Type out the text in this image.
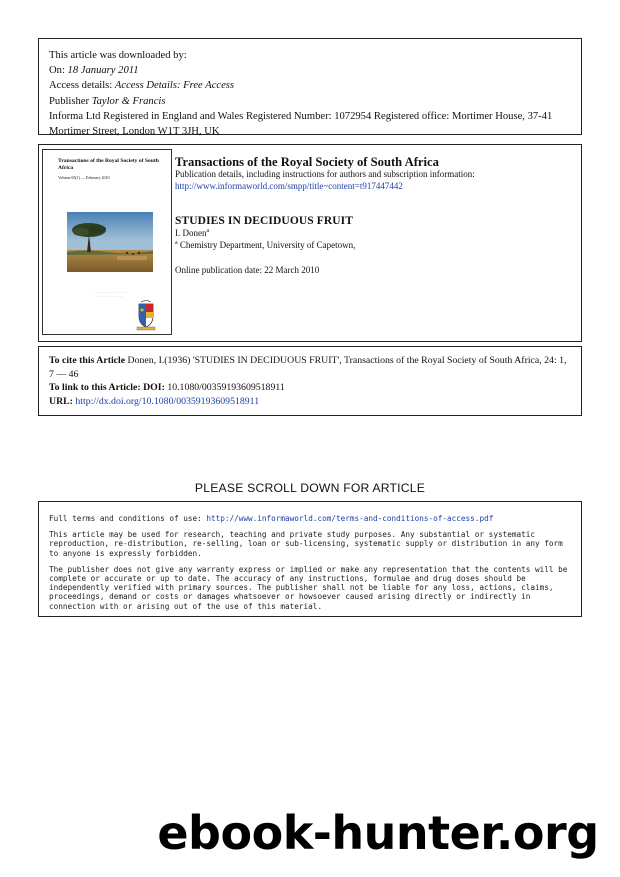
This article was downloaded by:
On: 18 January 2011
Access details: Access Details: Free Access
Publisher Taylor & Francis
Informa Ltd Registered in England and Wales Registered Number: 1072954 Registered office: Mortimer House, 37-41 Mortimer Street, London W1T 3JH, UK
Transactions of the Royal Society of South Africa
Volume 65(1) — February 2010
· · · · · · · · · · · · · · · · · · ·
· · · · · · · · · · · · · · ·
Transactions of the Royal Society of South Africa
Publication details, including instructions for authors and subscription information:
http://www.informaworld.com/smpp/title~content=t917447442
STUDIES IN DECIDUOUS FRUIT
I. Donen$^a$
$^a$ Chemistry Department, University of Capetown,
Online publication date: 22 March 2010
To cite this Article Donen, I.(1936) 'STUDIES IN DECIDUOUS FRUIT', Transactions of the Royal Society of South Africa, 24: 1, 7 — 46
To link to this Article: DOI: 10.1080/00359193609518911
URL: http://dx.doi.org/10.1080/00359193609518911
PLEASE SCROLL DOWN FOR ARTICLE

Full terms and conditions of use: http://www.informaworld.com/terms-and-conditions-of-access.pdf

This article may be used for research, teaching and private study purposes. Any substantial or systematic reproduction, re-distribution, re-selling, loan or sub-licensing, systematic supply or distribution in any form to anyone is expressly forbidden.

The publisher does not give any warranty express or implied or make any representation that the contents will be complete or accurate or up to date. The accuracy of any instructions, formulae and drug doses should be independently verified with primary sources. The publisher shall not be liable for any loss, actions, claims, proceedings, demand or costs or damages whatsoever or howsoever caused arising directly or indirectly in connection with or arising out of the use of this material.

ebook-hunter.org
